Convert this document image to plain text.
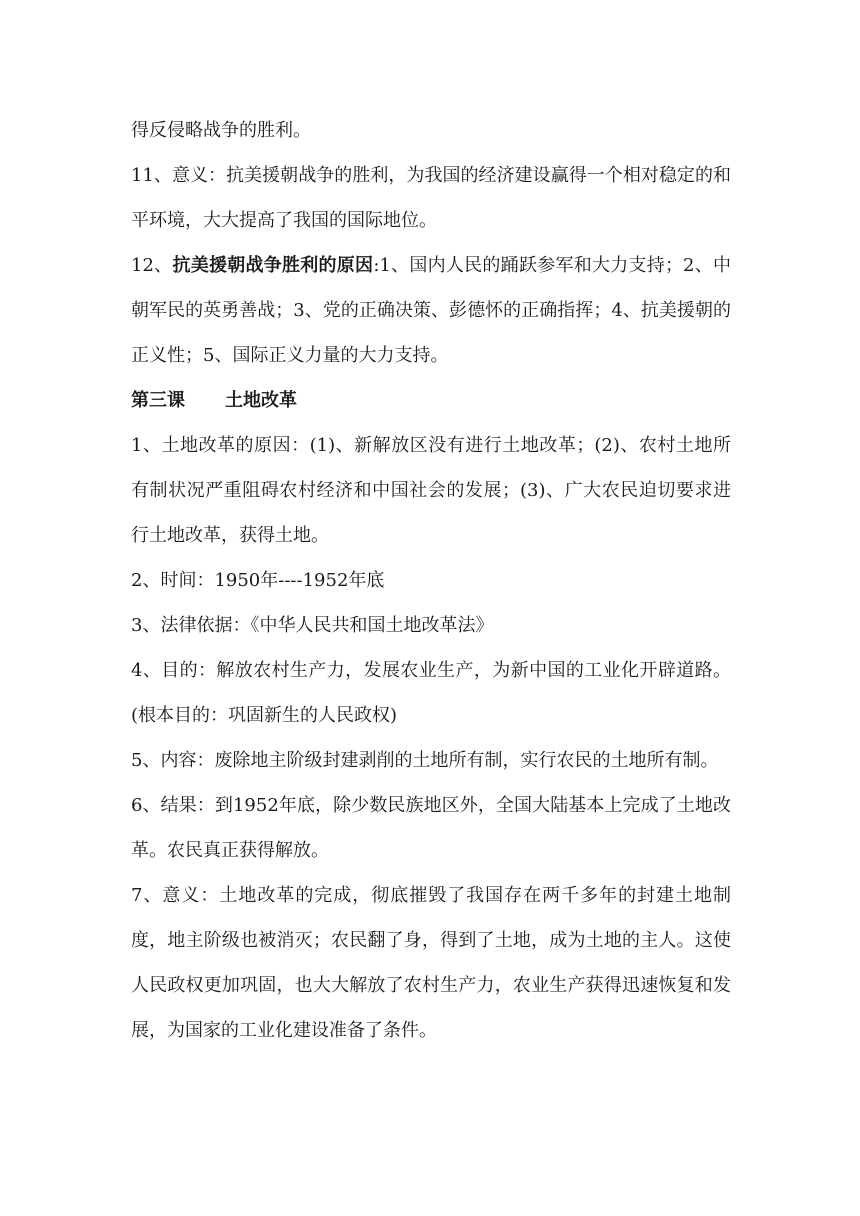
得反侵略战争的胜利。

11、意义：抗美援朝战争的胜利，为我国的经济建设赢得一个相对稳定的和平环境，大大提高了我国的国际地位。

12、抗美援朝战争胜利的原因:1、国内人民的踊跃参军和大力支持；2、中朝军民的英勇善战；3、党的正确决策、彭德怀的正确指挥；4、抗美援朝的正义性；5、国际正义力量的大力支持。

第三课 土地改革

1、土地改革的原因：(1)、新解放区没有进行土地改革；(2)、农村土地所有制状况严重阻碍农村经济和中国社会的发展；(3)、广大农民迫切要求进行土地改革，获得土地。

2、时间：1950年----1952年底

3、法律依据：《中华人民共和国土地改革法》

4、目的：解放农村生产力，发展农业生产，为新中国的工业化开辟道路。(根本目的：巩固新生的人民政权)

5、内容：废除地主阶级封建剥削的土地所有制，实行农民的土地所有制。

6、结果：到1952年底，除少数民族地区外，全国大陆基本上完成了土地改革。农民真正获得解放。

7、意义：土地改革的完成，彻底摧毁了我国存在两千多年的封建土地制度，地主阶级也被消灭；农民翻了身，得到了土地，成为土地的主人。这使人民政权更加巩固，也大大解放了农村生产力，农业生产获得迅速恢复和发展，为国家的工业化建设准备了条件。
